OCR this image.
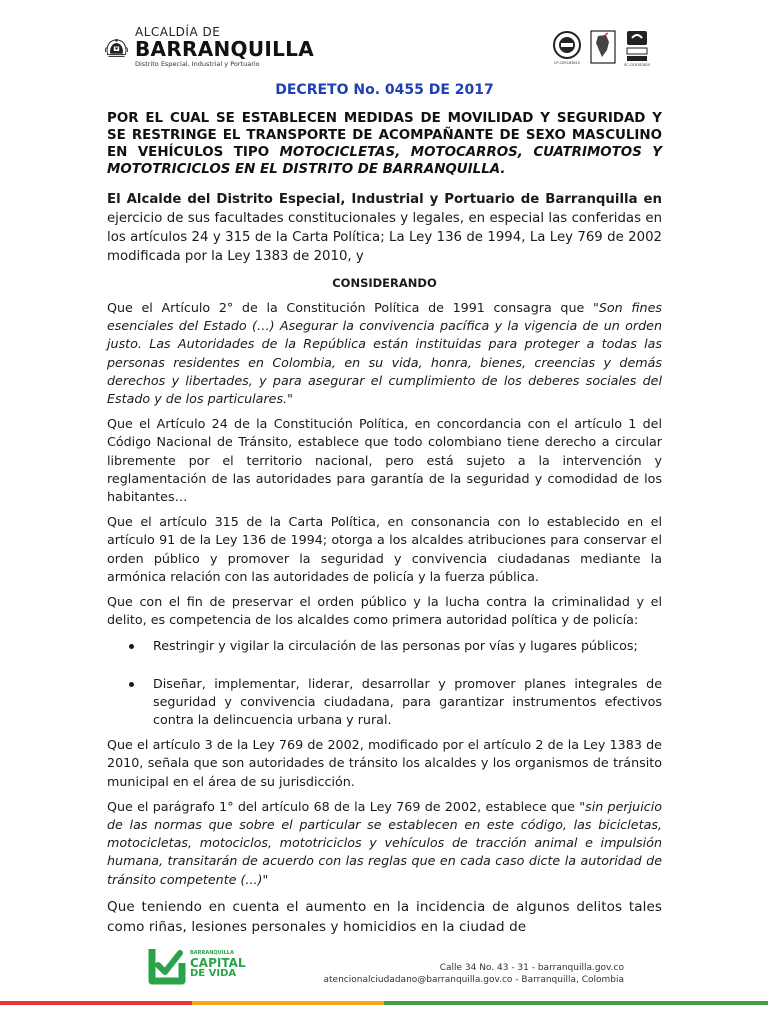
ALCALDÍA DE
BARRANQUILLA
Distrito Especial, Industrial y Portuario	CP-CER183810	SC-CER183810
DECRETO No. 0455 DE 2017
POR EL CUAL SE ESTABLECEN MEDIDAS DE MOVILIDAD Y SEGURIDAD Y SE RESTRINGE EL TRANSPORTE DE ACOMPAÑANTE DE SEXO MASCULINO EN VEHÍCULOS TIPO MOTOCICLETAS, MOTOCARROS, CUATRIMOTOS Y MOTOTRICICLOS EN EL DISTRITO DE BARRANQUILLA.

El Alcalde del Distrito Especial, Industrial y Portuario de Barranquilla en ejercicio de sus facultades constitucionales y legales, en especial las conferidas en los artículos 24 y 315 de la Carta Política; La Ley 136 de 1994, La Ley 769 de 2002 modificada por la Ley 1383 de 2010, y

CONSIDERANDO

Que el Artículo 2° de la Constitución Política de 1991 consagra que "Son fines esenciales del Estado (…) Asegurar la convivencia pacífica y la vigencia de un orden justo. Las Autoridades de la República están instituidas para proteger a todas las personas residentes en Colombia, en su vida, honra, bienes, creencias y demás derechos y libertades, y para asegurar el cumplimiento de los deberes sociales del Estado y de los particulares."

Que el Artículo 24 de la Constitución Política, en concordancia con el artículo 1 del Código Nacional de Tránsito, establece que todo colombiano tiene derecho a circular libremente por el territorio nacional, pero está sujeto a la intervención y reglamentación de las autoridades para garantía de la seguridad y comodidad de los habitantes…

Que el artículo 315 de la Carta Política, en consonancia con lo establecido en el artículo 91 de la Ley 136 de 1994; otorga a los alcaldes atribuciones para conservar el orden público y promover la seguridad y convivencia ciudadanas mediante la armónica relación con las autoridades de policía y la fuerza pública.

Que con el fin de preservar el orden público y la lucha contra la criminalidad y el delito, es competencia de los alcaldes como primera autoridad política y de policía:

Restringir y vigilar la circulación de las personas por vías y lugares públicos;
Diseñar, implementar, liderar, desarrollar y promover planes integrales de seguridad y convivencia ciudadana, para garantizar instrumentos efectivos contra la delincuencia urbana y rural.

Que el artículo 3 de la Ley 769 de 2002, modificado por el artículo 2 de la Ley 1383 de 2010, señala que son autoridades de tránsito los alcaldes y los organismos de tránsito municipal en el área de su jurisdicción.

Que el parágrafo 1° del artículo 68 de la Ley 769 de 2002, establece que "sin perjuicio de las normas que sobre el particular se establecen en este código, las bicicletas, motocicletas, motociclos, mototriciclos y vehículos de tracción animal e impulsión humana, transitarán de acuerdo con las reglas que en cada caso dicte la autoridad de tránsito competente (...)"

Que teniendo en cuenta el aumento en la incidencia de algunos delitos tales como riñas, lesiones personales y homicidios en la ciudad de

BARRANQUILLA
CAPITAL
DE VIDA	Calle 34 No. 43 - 31 - barranquilla.gov.co
atencionalciudadano@barranquilla.gov.co - Barranquilla, Colombia
